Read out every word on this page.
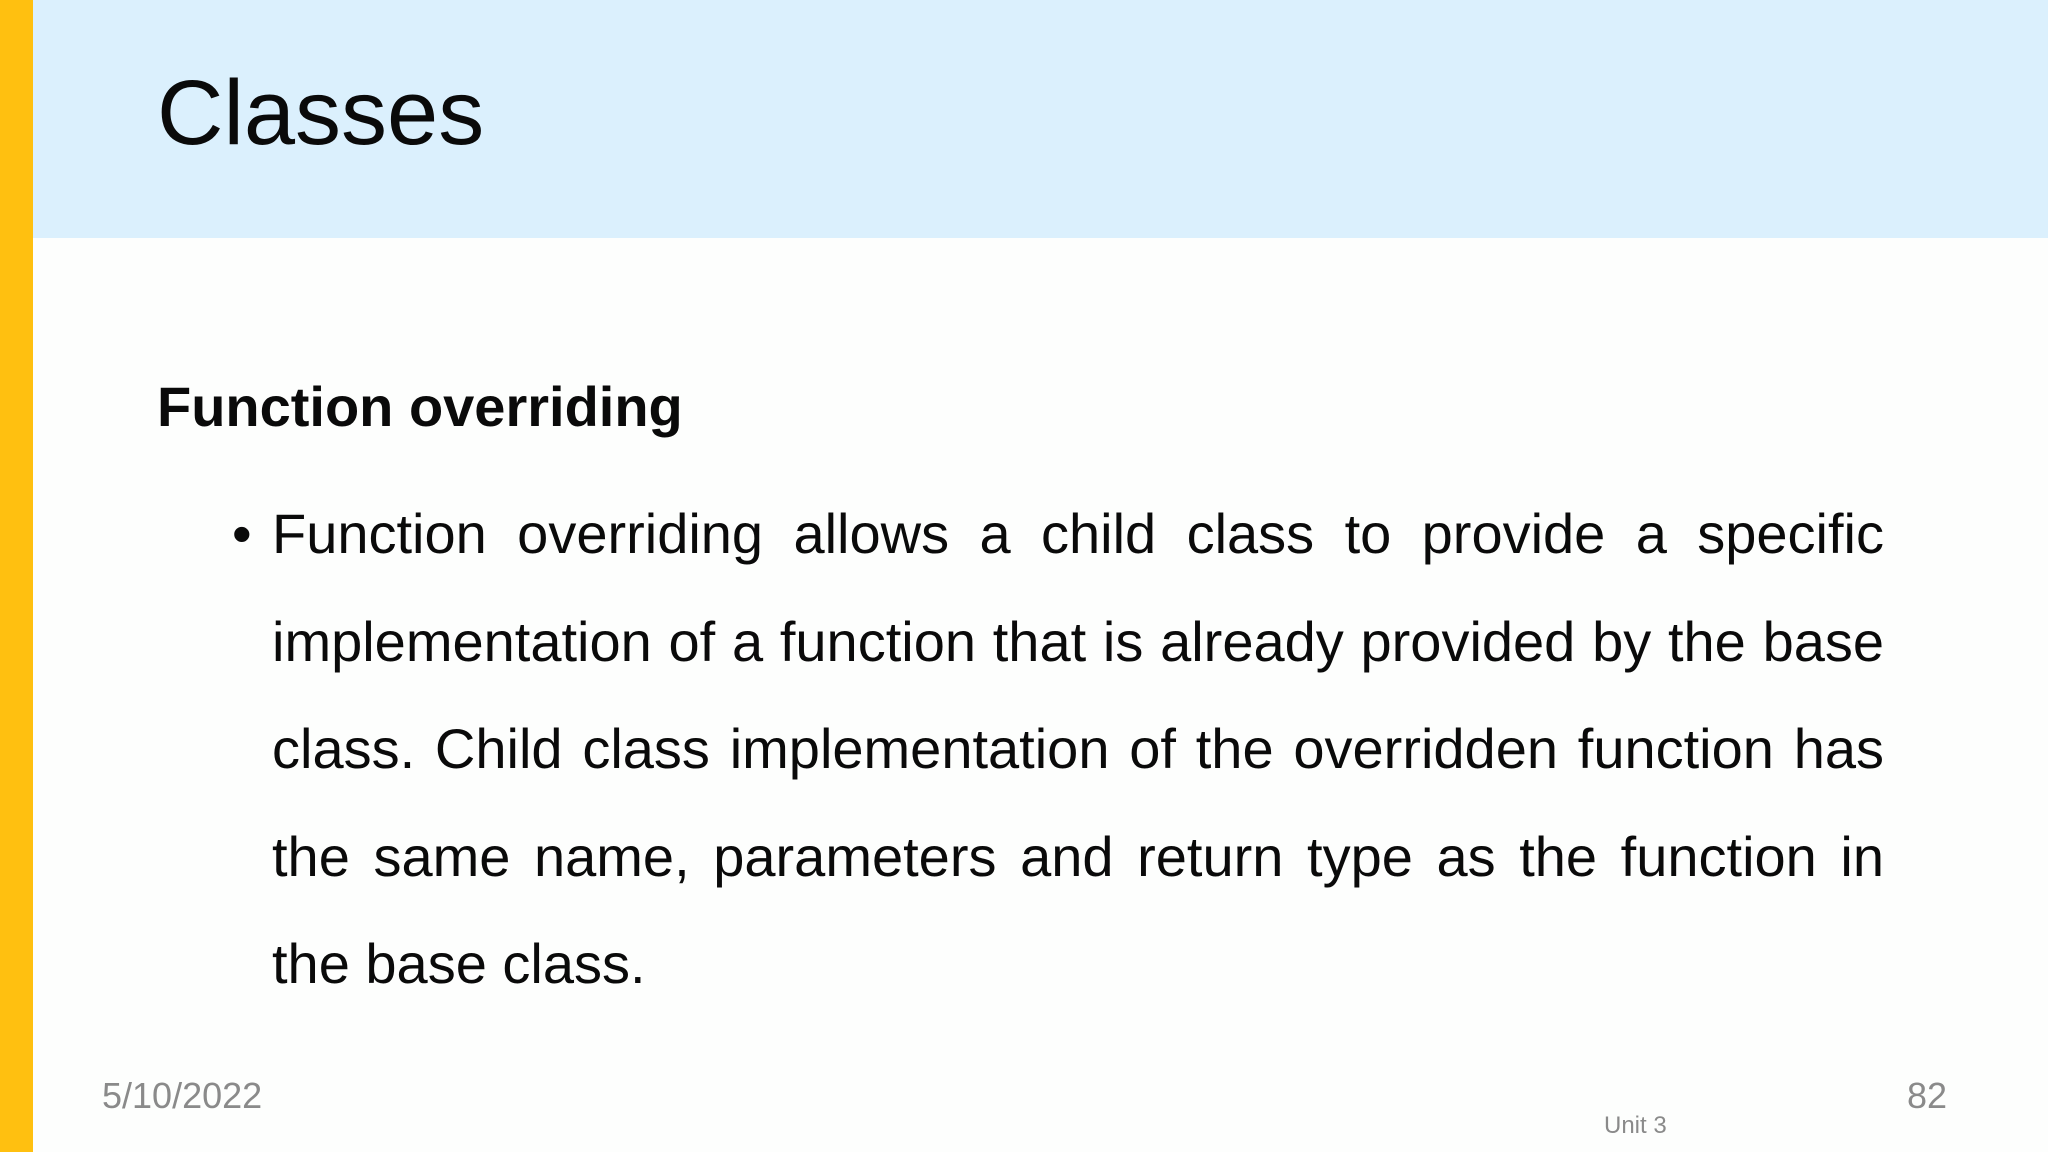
Classes
Function overriding
• Function overriding allows a child class to provide a specific implementation of a function that is already provided by the base class. Child class implementation of the overridden function has the same name, parameters and return type as the function in the base class.
5/10/2022
Unit 3
82
